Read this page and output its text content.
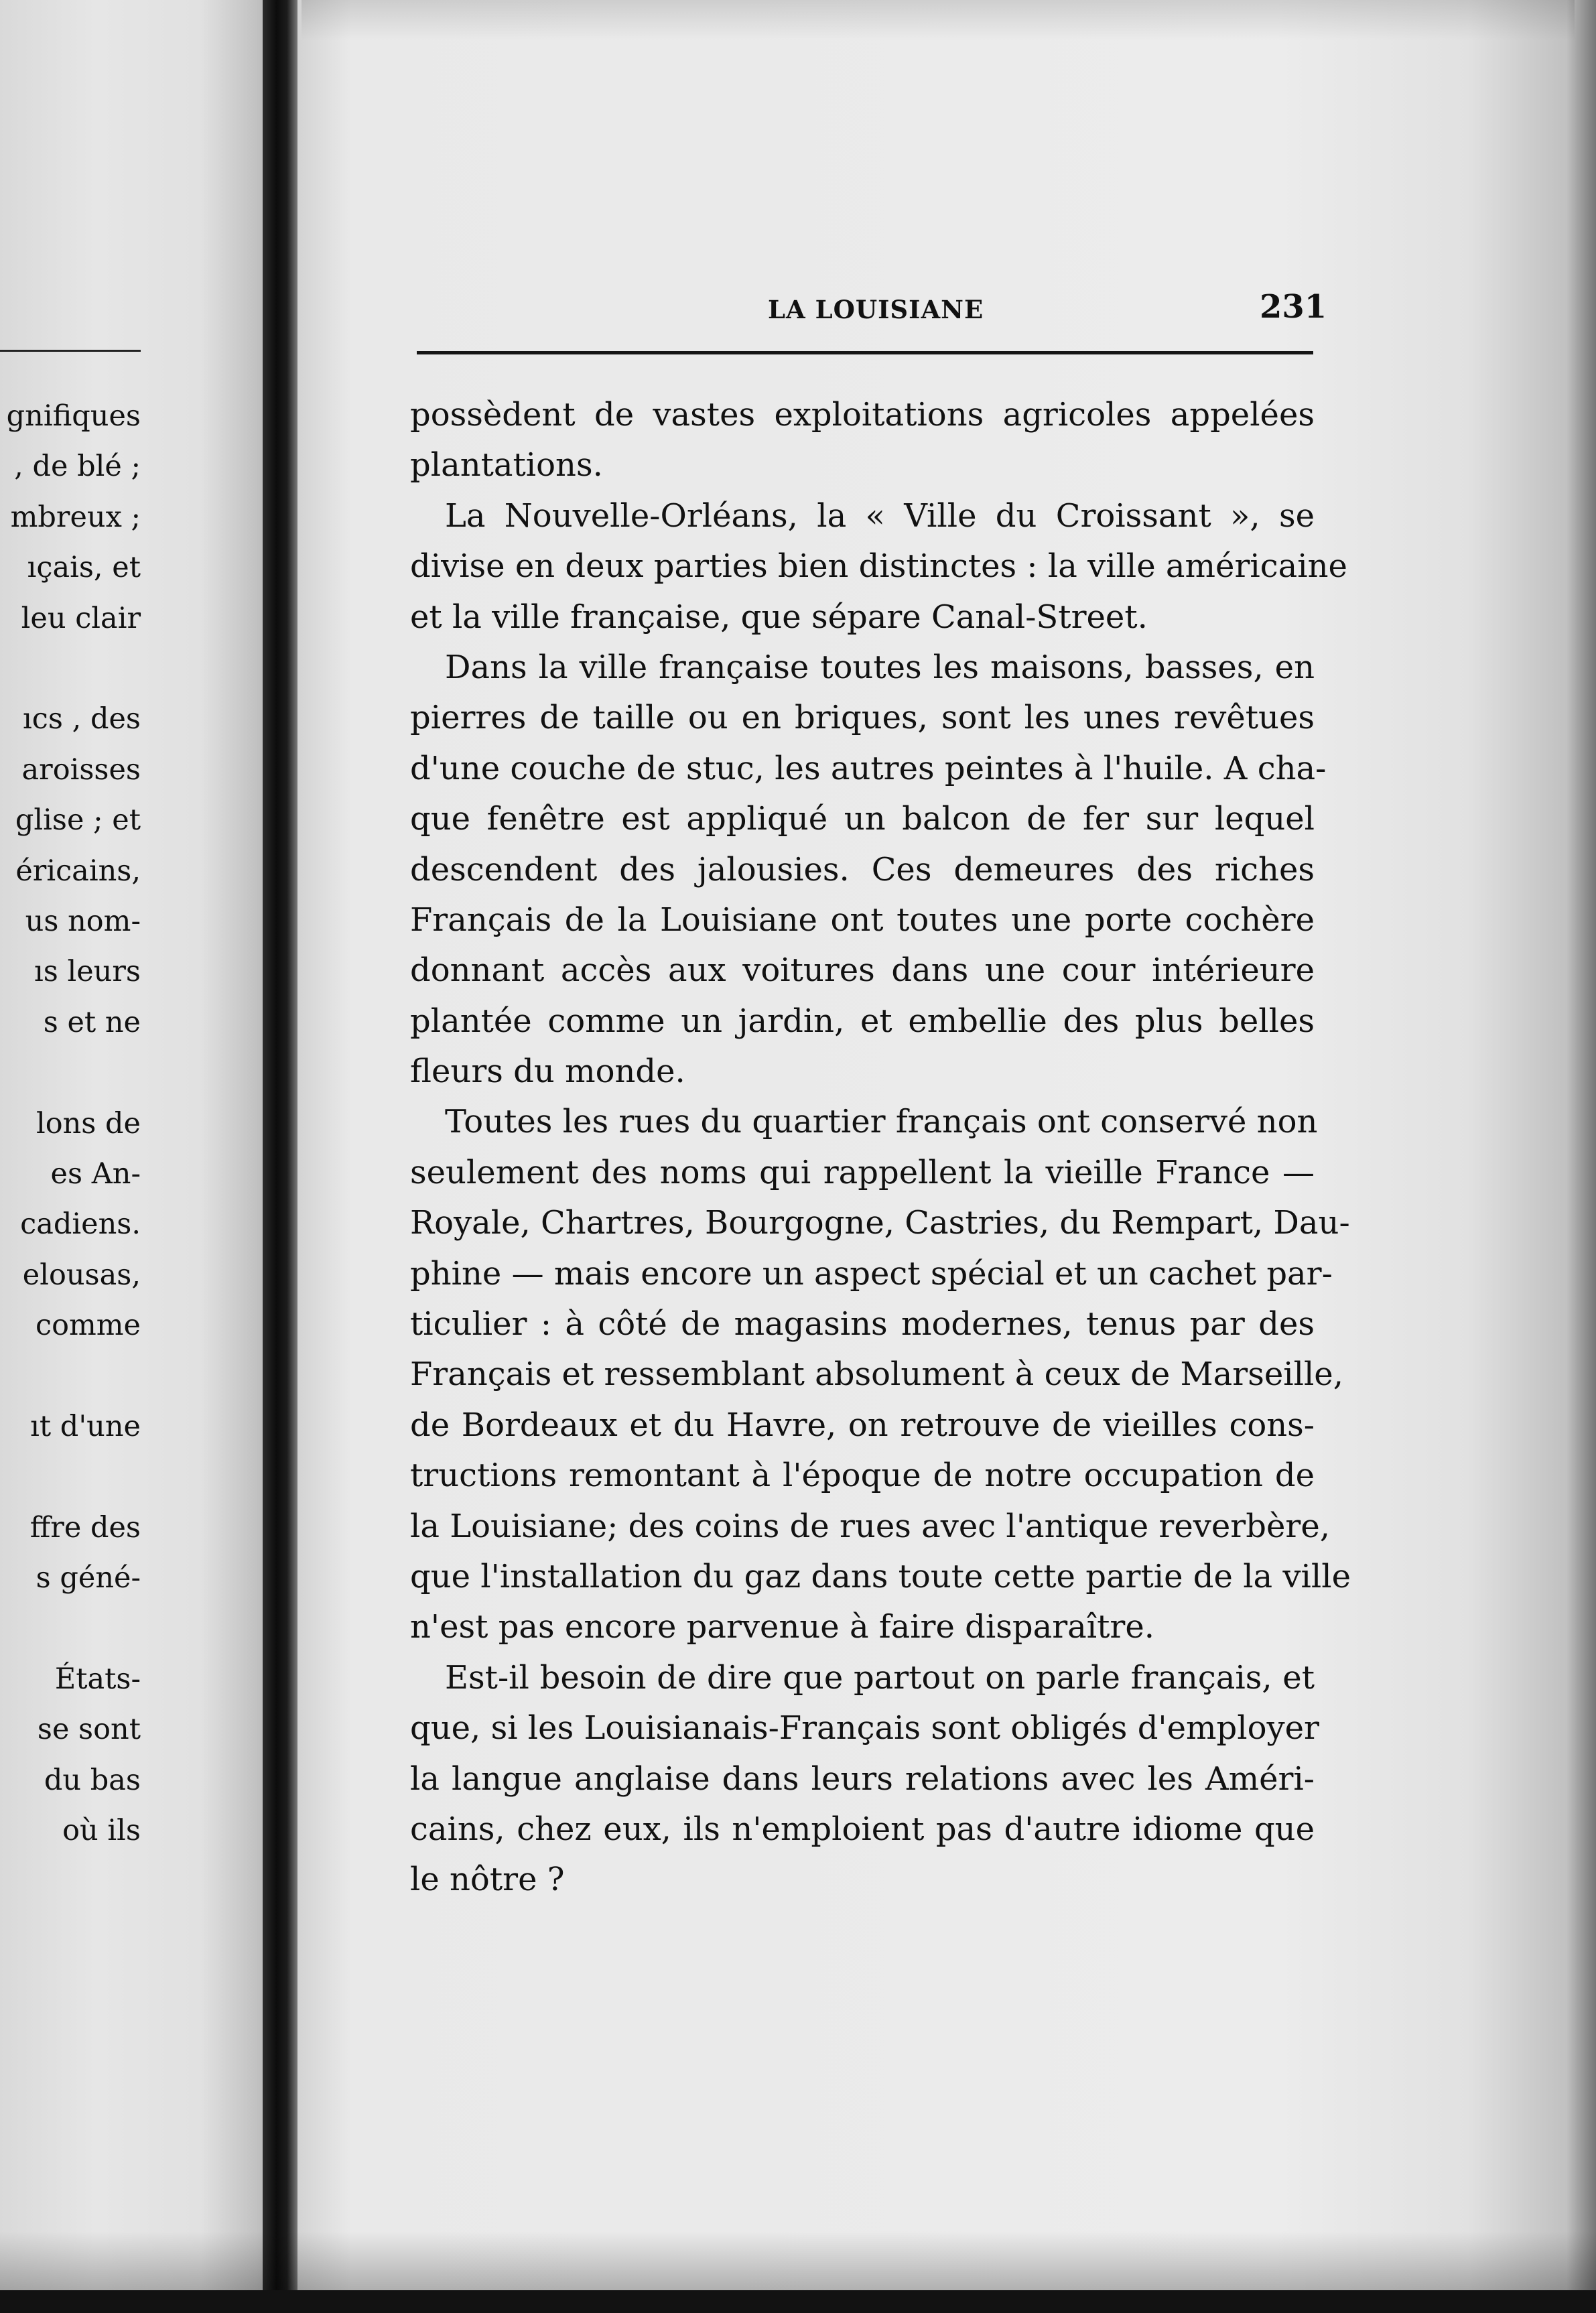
gnifiques
, de blé ;
mbreux ;
ıçais, et
leu clair
ıcs , des
aroisses
glise ; et
éricains,
us nom-
ıs leurs
s et ne
lons de
es An-
cadiens.
elousas,
comme
ıt d'une
ffre des
s géné-
États-
se sont
du bas
où ils
LA LOUISIANE	231
possèdent de vastes exploitations agricoles appelées
plantations.
La Nouvelle-Orléans, la « Ville du Croissant », se
divise en deux parties bien distinctes : la ville américaine
et la ville française, que sépare Canal-Street.
Dans la ville française toutes les maisons, basses, en
pierres de taille ou en briques, sont les unes revêtues
d'une couche de stuc, les autres peintes à l'huile. A cha-
que fenêtre est appliqué un balcon de fer sur lequel
descendent des jalousies. Ces demeures des riches
Français de la Louisiane ont toutes une porte cochère
donnant accès aux voitures dans une cour intérieure
plantée comme un jardin, et embellie des plus belles
fleurs du monde.
Toutes les rues du quartier français ont conservé non
seulement des noms qui rappellent la vieille France —
Royale, Chartres, Bourgogne, Castries, du Rempart, Dau-
phine — mais encore un aspect spécial et un cachet par-
ticulier : à côté de magasins modernes, tenus par des
Français et ressemblant absolument à ceux de Marseille,
de Bordeaux et du Havre, on retrouve de vieilles cons-
tructions remontant à l'époque de notre occupation de
la Louisiane; des coins de rues avec l'antique reverbère,
que l'installation du gaz dans toute cette partie de la ville
n'est pas encore parvenue à faire disparaître.
Est-il besoin de dire que partout on parle français, et
que, si les Louisianais-Français sont obligés d'employer
la langue anglaise dans leurs relations avec les Améri-
cains, chez eux, ils n'emploient pas d'autre idiome que
le nôtre ?
